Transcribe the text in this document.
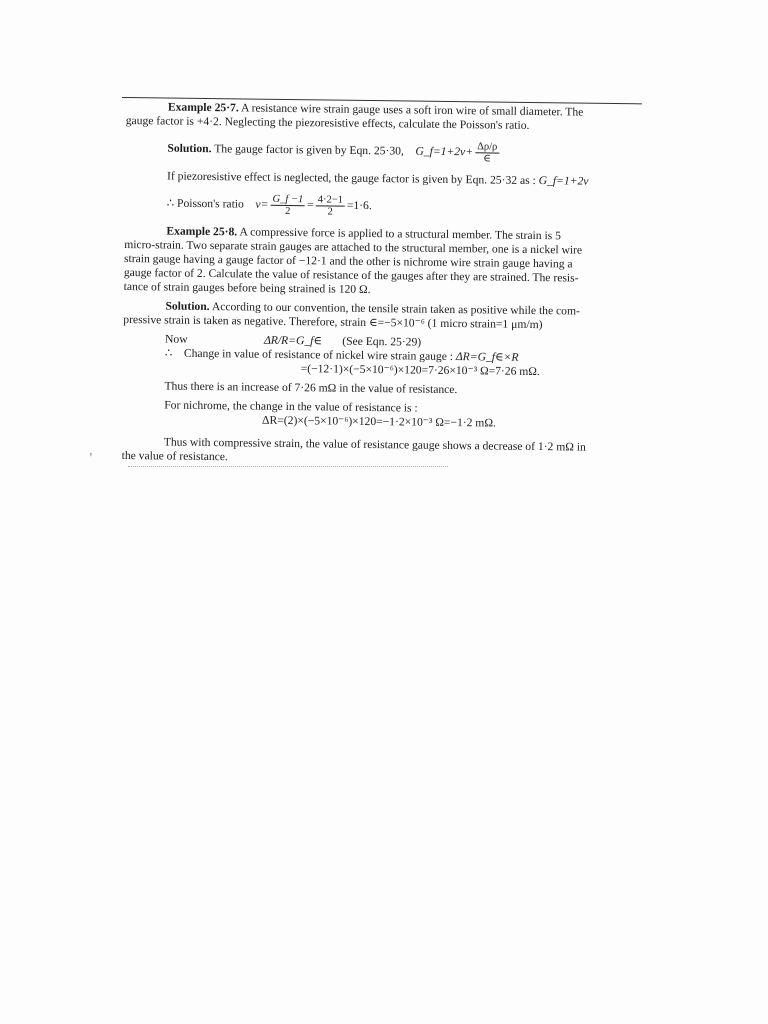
ꞌ

Example 25·7. A resistance wire strain gauge uses a soft iron wire of small diameter. The

gauge factor is +4·2. Neglecting the piezoresistive effects, calculate the Poisson's ratio.

Solution. The gauge factor is given by Eqn. 25·30, G_f=1+2ν+ $\frac{\Delta\rho/\rho}{\in}$

If piezoresistive effect is neglected, the gauge factor is given by Eqn. 25·32 as : G_f=1+2ν

∴ Poisson's ratio $\nu= \frac{G\_f -1}{2} = \frac{4\cdot 2-1}{2} =1\cdot 6$.

Example 25·8. A compressive force is applied to a structural member. The strain is 5

micro-strain. Two separate strain gauges are attached to the structural member, one is a nickel wire

strain gauge having a gauge factor of −12·1 and the other is nichrome wire strain gauge having a

gauge factor of 2. Calculate the value of resistance of the gauges after they are strained. The resis-

tance of strain gauges before being strained is 120 Ω.

Solution. According to our convention, the tensile strain taken as positive while the com-

pressive strain is taken as negative. Therefore, strain ∈=−5×10⁻⁶ (1 micro strain=1 μm/m)

Now	ΔR/R=G_f∈ (See Eqn. 25·29)

∴ Change in value of resistance of nickel wire strain gauge : ΔR=G_f∈×R

=(−12·1)×(−5×10⁻⁶)×120=7·26×10⁻³ Ω=7·26 mΩ.

Thus there is an increase of 7·26 mΩ in the value of resistance.

For nichrome, the change in the value of resistance is :

ΔR=(2)×(−5×10⁻⁶)×120=−1·2×10⁻³ Ω=−1·2 mΩ.

Thus with compressive strain, the value of resistance gauge shows a decrease of 1·2 mΩ in

the value of resistance.
